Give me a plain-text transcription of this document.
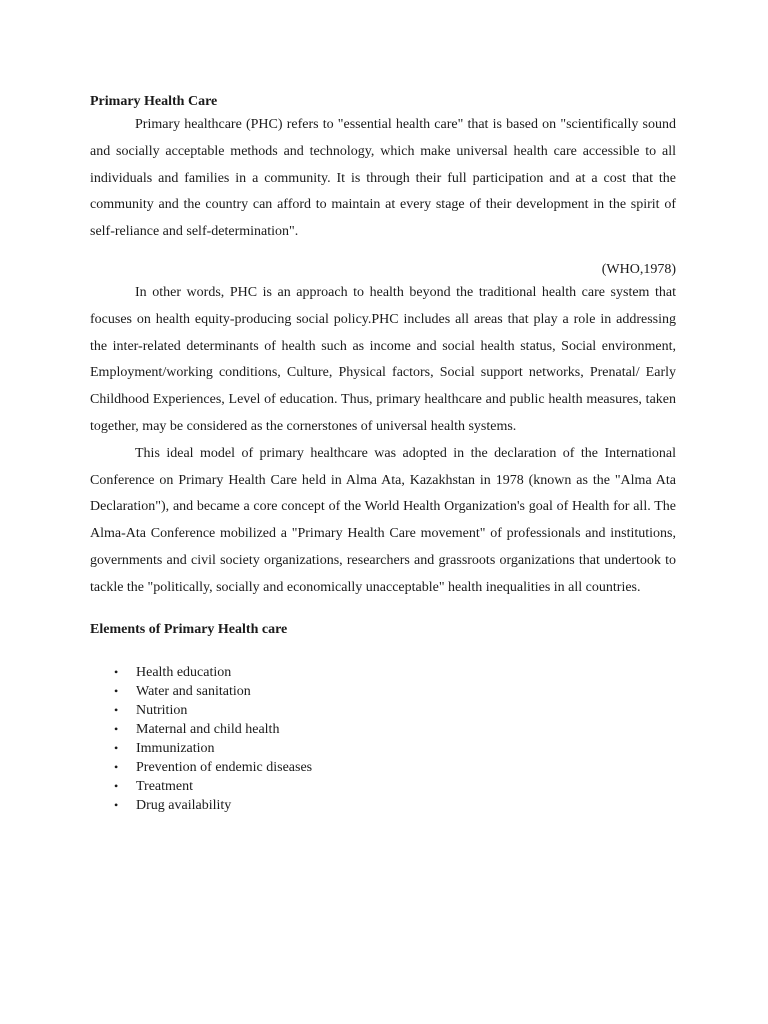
Primary Health Care

Primary healthcare (PHC) refers to "essential health care" that is based on "scientifically sound and socially acceptable methods and technology, which make universal health care accessible to all individuals and families in a community. It is through their full participation and at a cost that the community and the country can afford to maintain at every stage of their development in the spirit of self-reliance and self-determination".

(WHO,1978)

In other words, PHC is an approach to health beyond the traditional health care system that focuses on health equity-producing social policy.PHC includes all areas that play a role in addressing the inter-related determinants of health such as income and social health status, Social environment, Employment/working conditions, Culture, Physical factors, Social support networks, Prenatal/ Early Childhood Experiences, Level of education. Thus, primary healthcare and public health measures, taken together, may be considered as the cornerstones of universal health systems.

This ideal model of primary healthcare was adopted in the declaration of the International Conference on Primary Health Care held in Alma Ata, Kazakhstan in 1978 (known as the "Alma Ata Declaration"), and became a core concept of the World Health Organization's goal of Health for all. The Alma-Ata Conference mobilized a "Primary Health Care movement" of professionals and institutions, governments and civil society organizations, researchers and grassroots organizations that undertook to tackle the "politically, socially and economically unacceptable" health inequalities in all countries.

Elements of Primary Health care
• Health education
• Water and sanitation
• Nutrition
• Maternal and child health
• Immunization
• Prevention of endemic diseases
• Treatment
• Drug availability
